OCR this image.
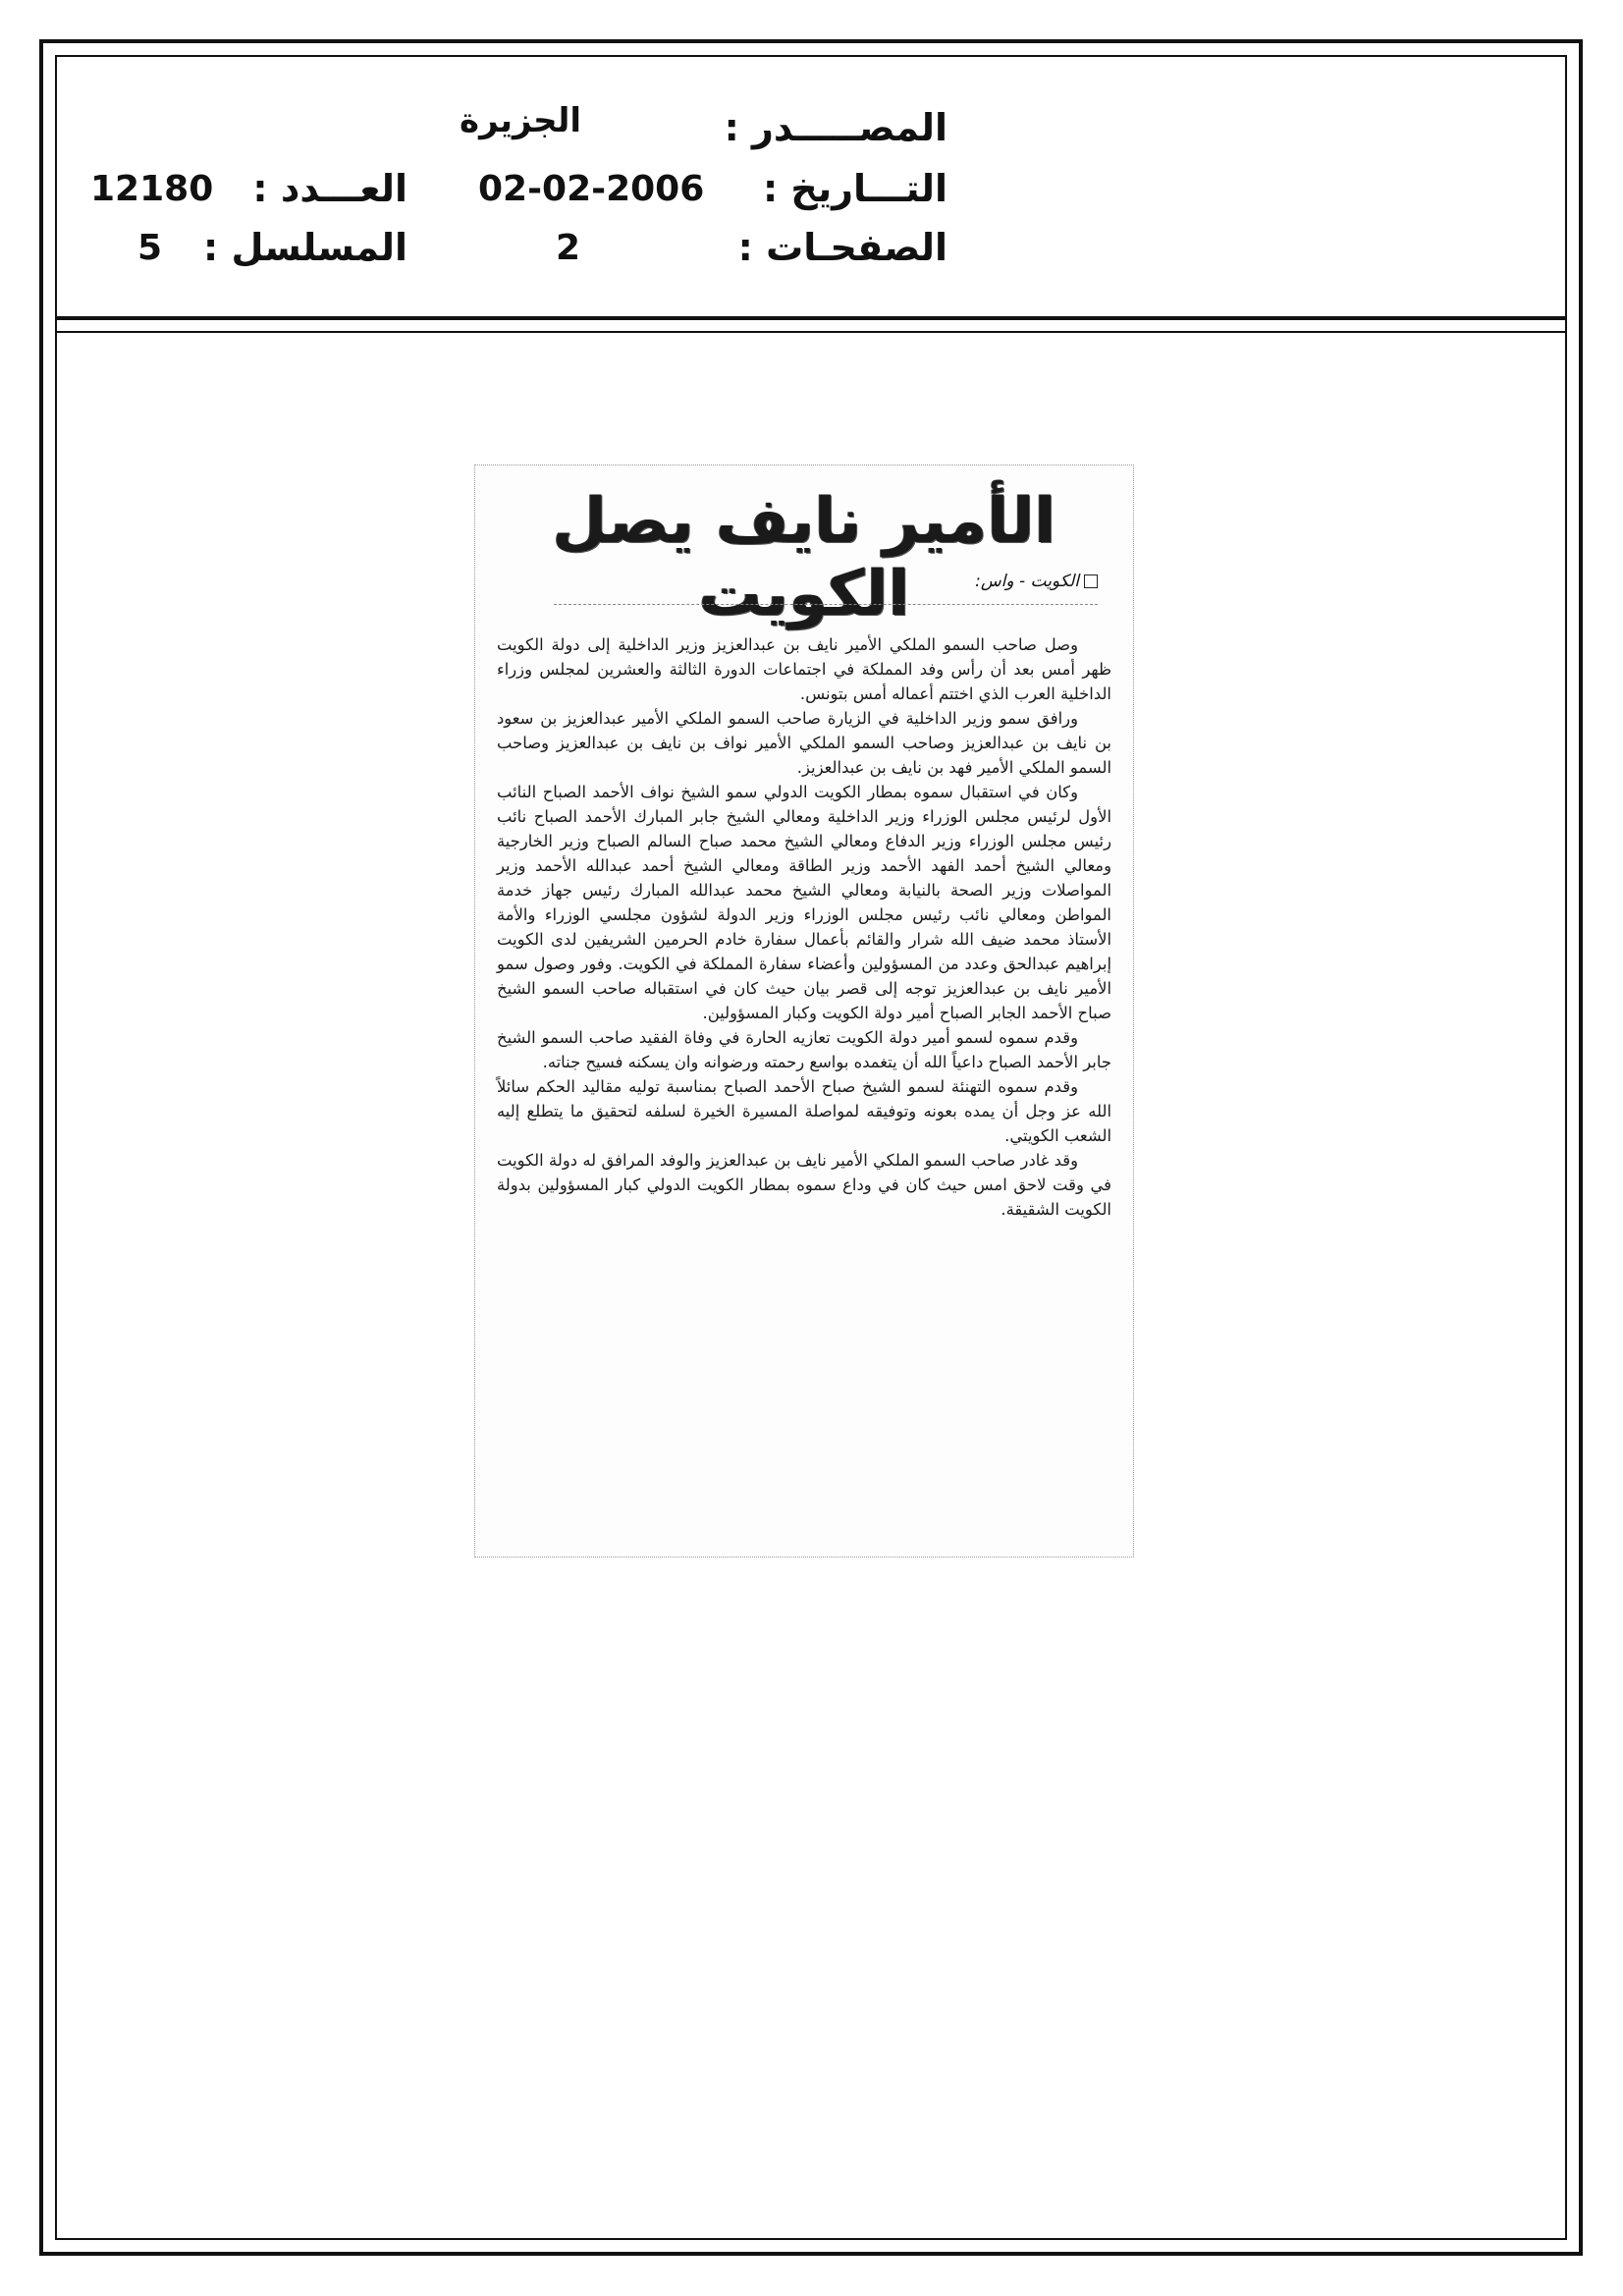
المصـــــدر :
الجزيرة
التـــاريخ :
02-02-2006
العـــدد :
12180
الصفحـات :
2
المسلسل :
5
الأمير نايف يصل الكويت	الكويت - واس:

وصل صاحب السمو الملكي الأمير نايف بن عبدالعزيز وزير الداخلية إلى دولة الكويت ظهر أمس بعد أن رأس وفد المملكة في اجتماعات الدورة الثالثة والعشرين لمجلس وزراء الداخلية العرب الذي اختتم أعماله أمس بتونس.

ورافق سمو وزير الداخلية في الزيارة صاحب السمو الملكي الأمير عبدالعزيز بن سعود بن نايف بن عبدالعزيز وصاحب السمو الملكي الأمير نواف بن نايف بن عبدالعزيز وصاحب السمو الملكي الأمير فهد بن نايف بن عبدالعزيز.

وكان في استقبال سموه بمطار الكويت الدولي سمو الشيخ نواف الأحمد الصباح النائب الأول لرئيس مجلس الوزراء وزير الداخلية ومعالي الشيخ جابر المبارك الأحمد الصباح نائب رئيس مجلس الوزراء وزير الدفاع ومعالي الشيخ محمد صباح السالم الصباح وزير الخارجية ومعالي الشيخ أحمد الفهد الأحمد وزير الطاقة ومعالي الشيخ أحمد عبدالله الأحمد وزير المواصلات وزير الصحة بالنيابة ومعالي الشيخ محمد عبدالله المبارك رئيس جهاز خدمة المواطن ومعالي نائب رئيس مجلس الوزراء وزير الدولة لشؤون مجلسي الوزراء والأمة الأستاذ محمد ضيف الله شرار والقائم بأعمال سفارة خادم الحرمين الشريفين لدى الكويت إبراهيم عبدالحق وعدد من المسؤولين وأعضاء سفارة المملكة في الكويت. وفور وصول سمو الأمير نايف بن عبدالعزيز توجه إلى قصر بيان حيث كان في استقباله صاحب السمو الشيخ صباح الأحمد الجابر الصباح أمير دولة الكويت وكبار المسؤولين.

وقدم سموه لسمو أمير دولة الكويت تعازيه الحارة في وفاة الفقيد صاحب السمو الشيخ جابر الأحمد الصباح داعياً الله أن يتغمده بواسع رحمته ورضوانه وان يسكنه فسيح جناته.

وقدم سموه التهنئة لسمو الشيخ صباح الأحمد الصباح بمناسبة توليه مقاليد الحكم سائلاً الله عز وجل أن يمده بعونه وتوفيقه لمواصلة المسيرة الخيرة لسلفه لتحقيق ما يتطلع إليه الشعب الكويتي.

وقد غادر صاحب السمو الملكي الأمير نايف بن عبدالعزيز والوفد المرافق له دولة الكويت في وقت لاحق امس حيث كان في وداع سموه بمطار الكويت الدولي كبار المسؤولين بدولة الكويت الشقيقة.
